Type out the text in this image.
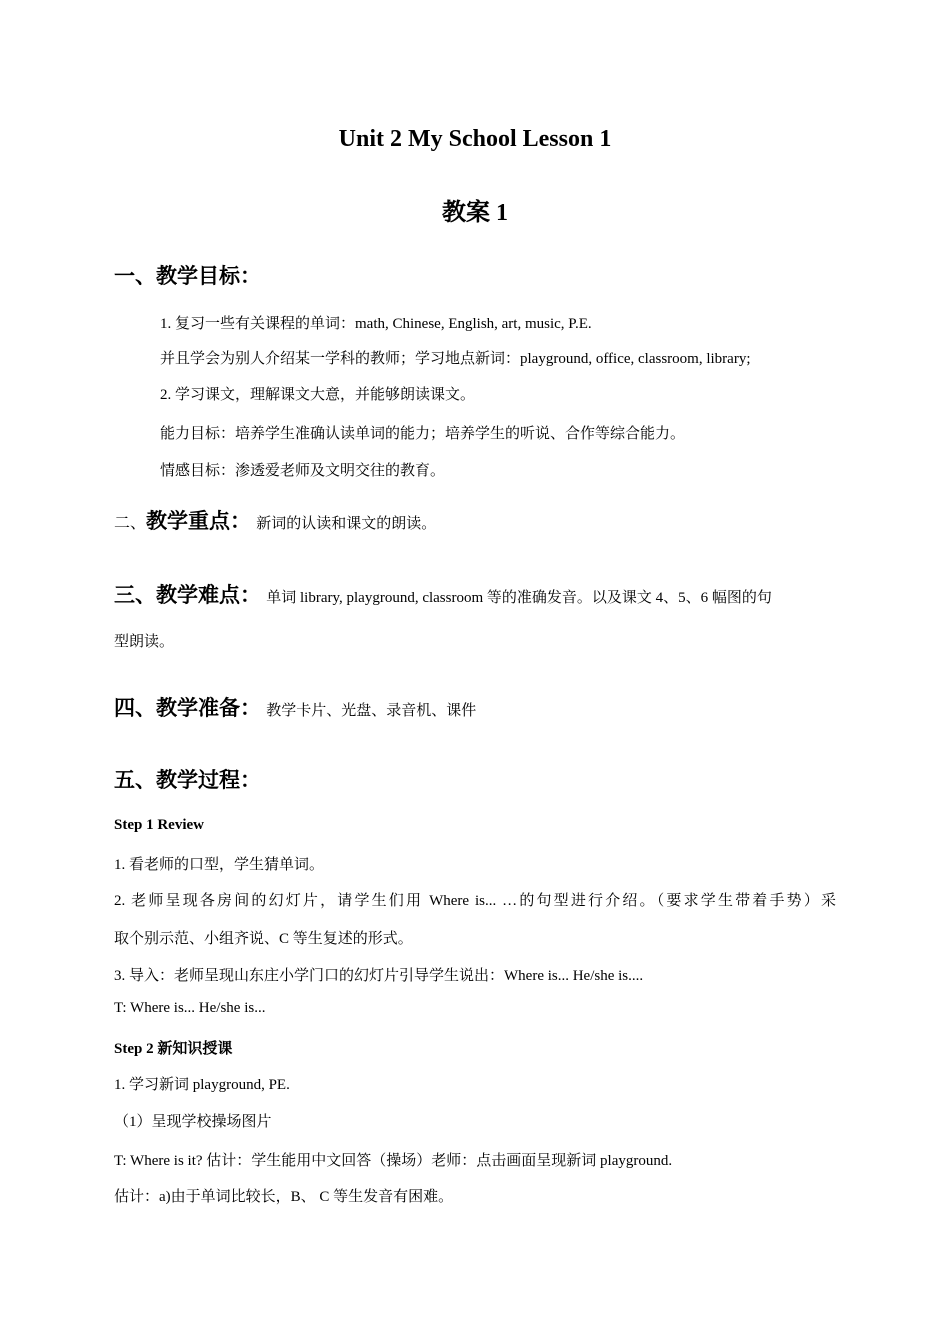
Unit 2 My School Lesson 1
教案 1
一、教学目标：
1. 复习一些有关课程的单词：math, Chinese, English, art, music, P.E.
并且学会为别人介绍某一学科的教师；学习地点新词：playground, office, classroom, library;
2. 学习课文，理解课文大意，并能够朗读课文。
能力目标：培养学生准确认读单词的能力；培养学生的听说、合作等综合能力。
情感目标：渗透爱老师及文明交往的教育。
二、教学重点： 新词的认读和课文的朗读。
三、教学难点： 单词 library, playground, classroom 等的准确发音。以及课文 4、5、6 幅图的句
型朗读。
四、教学准备： 教学卡片、光盘、录音机、课件
五、教学过程：
Step 1 Review
1. 看老师的口型，学生猜单词。
2. 老师呈现各房间的幻灯片，请学生们用 Where is... …的句型进行介绍。（要求学生带着手势）采
取个别示范、小组齐说、C 等生复述的形式。
3. 导入：老师呈现山东庄小学门口的幻灯片引导学生说出：Where is... He/she is....
T: Where is... He/she is...
Step 2 新知识授课
1. 学习新词 playground, PE.
（1）呈现学校操场图片
T: Where is it? 估计：学生能用中文回答（操场）老师：点击画面呈现新词 playground.
估计：a)由于单词比较长，B、 C 等生发音有困难。
